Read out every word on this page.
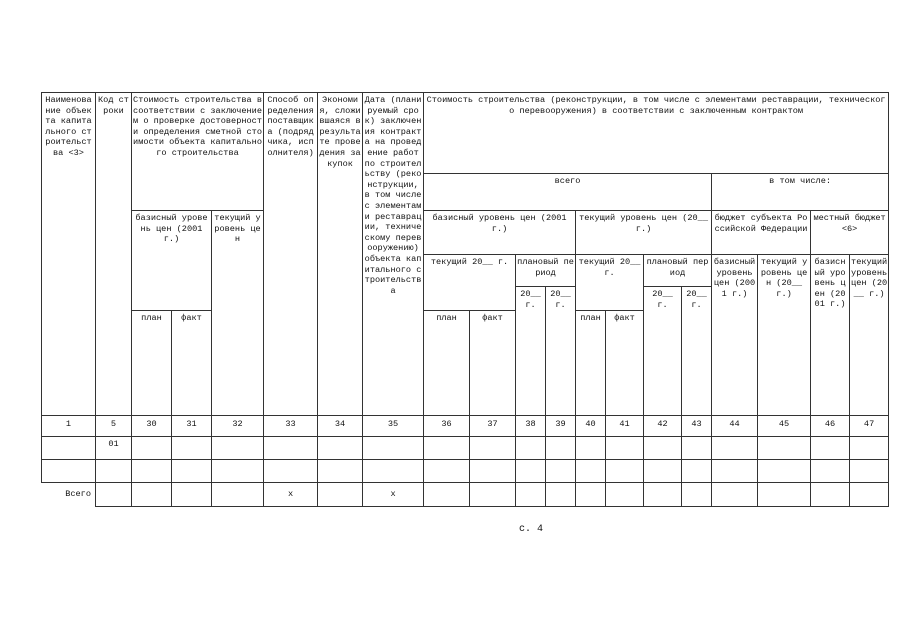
Наименование объекта капитального строительства <3>	Код строки	Стоимость строительства в соответствии с заключением о проверке достоверности определения сметной стоимости объекта капитального строительства			Способ определения поставщика (подрядчика, исполнителя)	Экономия, сложившаяся в результате проведения закупок	Дата (планируемый срок) заключения контракта на проведение работ по строительству (реконструкции, в том числе с элементами реставрации, техническому перевооружению) объекта капитального строительства	Стоимость строительства (реконструкции, в том числе с элементами реставрации, технического перевооружения) в соответствии с заключенным контрактом											
								всего								в том числе:			
		базисный уровень цен (2001 г.)		текущий уровень цен				базисный уровень цен (2001 г.)				текущий уровень цен (20__ г.)				бюджет субъекта Российской Федерации		местный бюджет <6>	
								текущий 20__ г.		плановый период		текущий 20__ г.		плановый период		базисный уровень цен (2001 г.)	текущий уровень цен (20__ г.)	базисный уровень цен (2001 г.)	текущий уровень цен (20__ г.)
										20__ г.	20__ г.			20__ г.	20__ г.				
		план	факт					план	факт			план	факт						
1	5	30	31	32	33	34	35	36	37	38	39	40	41	42	43	44	45	46	47
	01																		

Всего					x		x												
с. 4
